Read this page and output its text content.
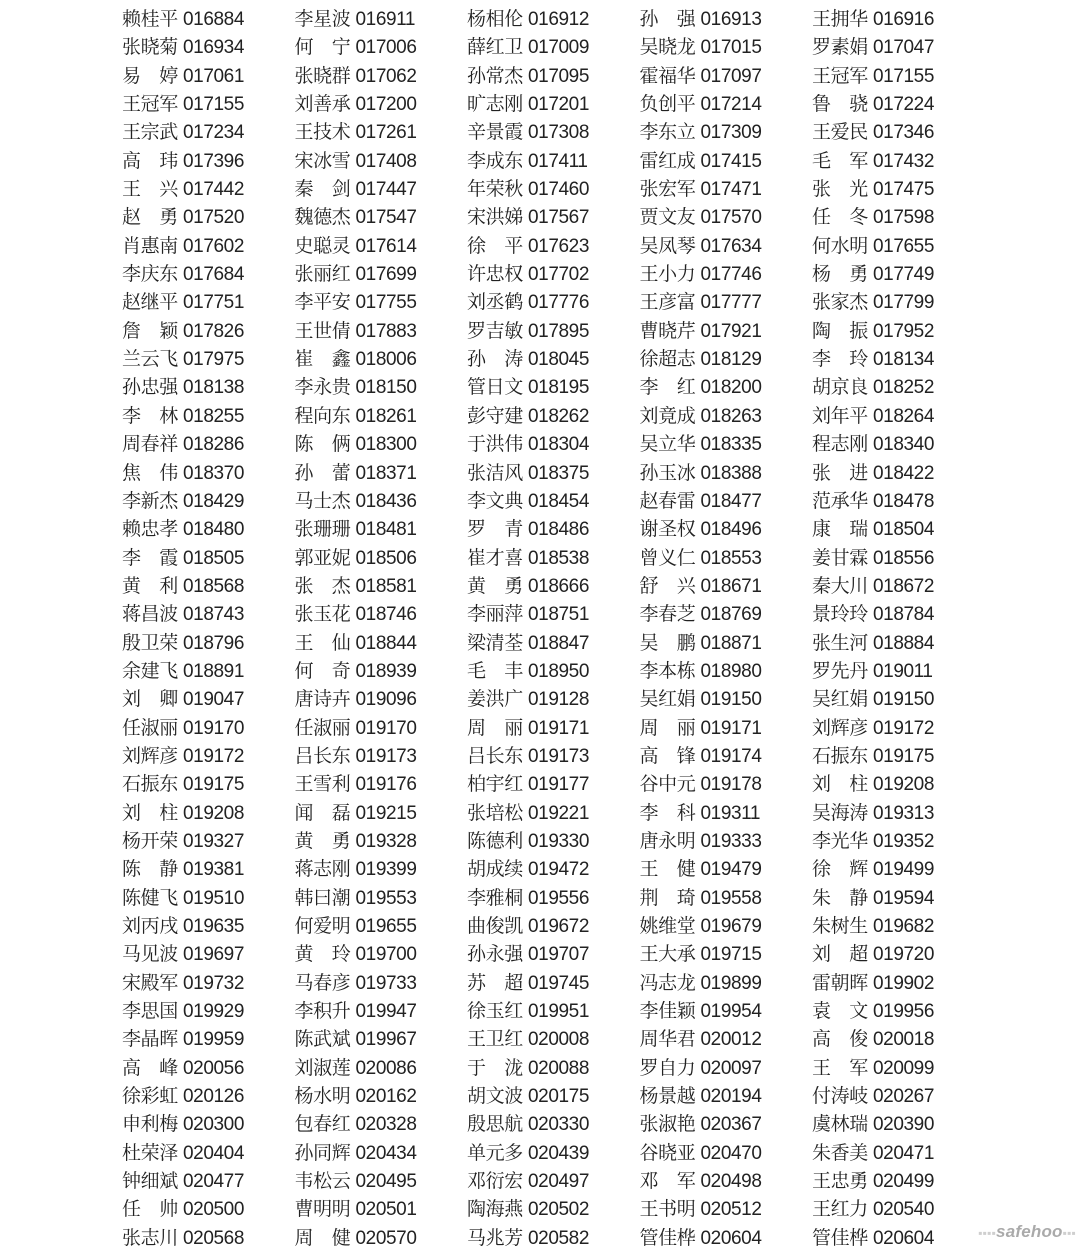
赖桂平 016884	李星波 016911	杨相伦 016912	孙　强 016913	王拥华 016916
张晓菊 016934	何　宁 017006	薛红卫 017009	吴晓龙 017015	罗素娟 017047
易　婷 017061	张晓群 017062	孙常杰 017095	霍福华 017097	王冠军 017155
王冠军 017155	刘善承 017200	旷志刚 017201	负创平 017214	鲁　骁 017224
王宗武 017234	王技术 017261	辛景霞 017308	李东立 017309	王爱民 017346
高　玮 017396	宋冰雪 017408	李成东 017411	雷红成 017415	毛　军 017432
王　兴 017442	秦　剑 017447	年荣秋 017460	张宏军 017471	张　光 017475
赵　勇 017520	魏德杰 017547	宋洪娣 017567	贾文友 017570	任　冬 017598
肖惠南 017602	史聪灵 017614	徐　平 017623	吴凤琴 017634	何水明 017655
李庆东 017684	张丽红 017699	许忠权 017702	王小力 017746	杨　勇 017749
赵继平 017751	李平安 017755	刘丞鹤 017776	王彦富 017777	张家杰 017799
詹　颖 017826	王世倩 017883	罗吉敏 017895	曹晓芹 017921	陶　振 017952
兰云飞 017975	崔　鑫 018006	孙　涛 018045	徐超志 018129	李　玲 018134
孙忠强 018138	李永贵 018150	管日文 018195	李　红 018200	胡京良 018252
李　林 018255	程向东 018261	彭守建 018262	刘竟成 018263	刘年平 018264
周春祥 018286	陈　俩 018300	于洪伟 018304	吴立华 018335	程志刚 018340
焦　伟 018370	孙　蕾 018371	张洁风 018375	孙玉冰 018388	张　进 018422
李新杰 018429	马士杰 018436	李文典 018454	赵春雷 018477	范承华 018478
赖忠孝 018480	张珊珊 018481	罗　青 018486	谢圣权 018496	康　瑞 018504
李　霞 018505	郭亚妮 018506	崔才喜 018538	曾义仁 018553	姜甘霖 018556
黄　利 018568	张　杰 018581	黄　勇 018666	舒　兴 018671	秦大川 018672
蒋昌波 018743	张玉花 018746	李丽萍 018751	李春芝 018769	景玲玲 018784
殷卫荣 018796	王　仙 018844	梁清荃 018847	吴　鹏 018871	张生河 018884
余建飞 018891	何　奇 018939	毛　丰 018950	李本栋 018980	罗先丹 019011
刘　卿 019047	唐诗卉 019096	姜洪广 019128	吴红娟 019150	吴红娟 019150
任淑丽 019170	任淑丽 019170	周　丽 019171	周　丽 019171	刘辉彦 019172
刘辉彦 019172	吕长东 019173	吕长东 019173	高　锋 019174	石振东 019175
石振东 019175	王雪利 019176	柏宇红 019177	谷中元 019178	刘　柱 019208
刘　柱 019208	闻　磊 019215	张培松 019221	李　科 019311	吴海涛 019313
杨开荣 019327	黄　勇 019328	陈德利 019330	唐永明 019333	李光华 019352
陈　静 019381	蒋志刚 019399	胡成续 019472	王　健 019479	徐　辉 019499
陈健飞 019510	韩曰潮 019553	李雅桐 019556	荆　琦 019558	朱　静 019594
刘丙戌 019635	何爱明 019655	曲俊凯 019672	姚维堂 019679	朱树生 019682
马见波 019697	黄　玲 019700	孙永强 019707	王大承 019715	刘　超 019720
宋殿军 019732	马春彦 019733	苏　超 019745	冯志龙 019899	雷朝晖 019902
李思国 019929	李积升 019947	徐玉红 019951	李佳颖 019954	袁　文 019956
李晶晖 019959	陈武斌 019967	王卫红 020008	周华君 020012	高　俊 020018
高　峰 020056	刘淑莲 020086	于　泷 020088	罗自力 020097	王　军 020099
徐彩虹 020126	杨水明 020162	胡文波 020175	杨景越 020194	付涛岐 020267
申利梅 020300	包春红 020328	殷思航 020330	张淑艳 020367	虞林瑞 020390
杜荣泽 020404	孙同辉 020434	单元多 020439	谷晓亚 020470	朱香美 020471
钟细斌 020477	韦松云 020495	邓衍宏 020497	邓　军 020498	王忠勇 020499
任　帅 020500	曹明明 020501	陶海燕 020502	王书明 020512	王红力 020540
张志川 020568	周　健 020570	马兆芳 020582	管佳桦 020604	管佳桦 020604	▪▪▪▪safehoo▪▪▪
